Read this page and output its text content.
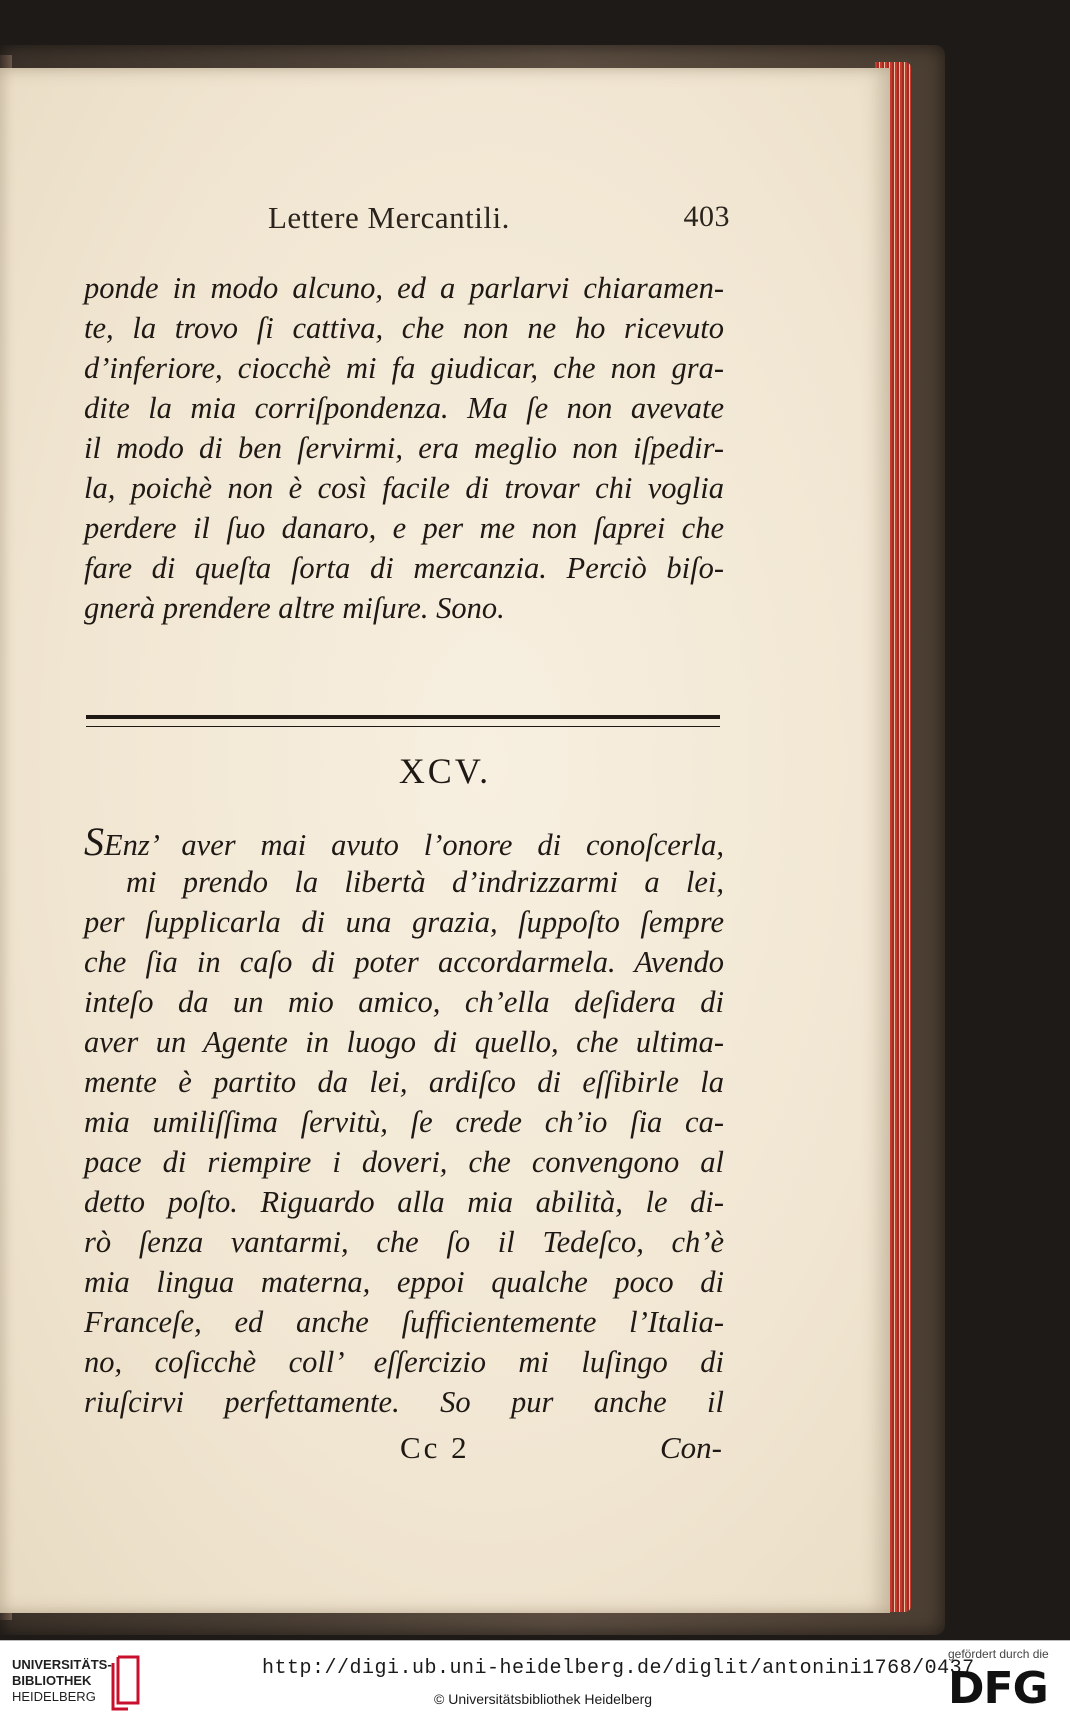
Lettere Mercantili.	403
ponde in modo alcuno, ed a parlarvi chiaramen-
te, la trovo ſi cattiva, che non ne ho ricevuto
d’inferiore, ciocchè mi fa giudicar, che non gra-
dite la mia corriſpondenza. Ma ſe non avevate
il modo di ben ſervirmi, era meglio non iſpedir-
la, poichè non è così facile di trovar chi voglia
perdere il ſuo danaro, e per me non ſaprei che
fare di queſta ſorta di mercanzia. Perciò biſo-
gnerà prendere altre miſure. Sono.
XCV.
SEnz’ aver mai avuto l’onore di conoſcerla,
mi prendo la libertà d’indrizzarmi a lei,
per ſupplicarla di una grazia, ſuppoſto ſempre
che ſia in caſo di poter accordarmela. Avendo
inteſo da un mio amico, ch’ella deſidera di
aver un Agente in luogo di quello, che ultima-
mente è partito da lei, ardiſco di eſſibirle la
mia umiliſſima ſervitù, ſe crede ch’io ſia ca-
pace di riempire i doveri, che convengono al
detto poſto. Riguardo alla mia abilità, le di-
rò ſenza vantarmi, che ſo il Tedeſco, ch’è
mia lingua materna, eppoi qualche poco di
Franceſe, ed anche ſufficientemente l’Italia-
no, coſicchè coll’ eſſercizio mi luſingo di
riuſcirvi perfettamente. So pur anche il
Cc 2	Con-
UNIVERSITÄTS-
BIBLIOTHEK
HEIDELBERG
http://digi.ub.uni-heidelberg.de/diglit/antonini1768/0437
© Universitätsbibliothek Heidelberg
gefördert durch die
DFG
